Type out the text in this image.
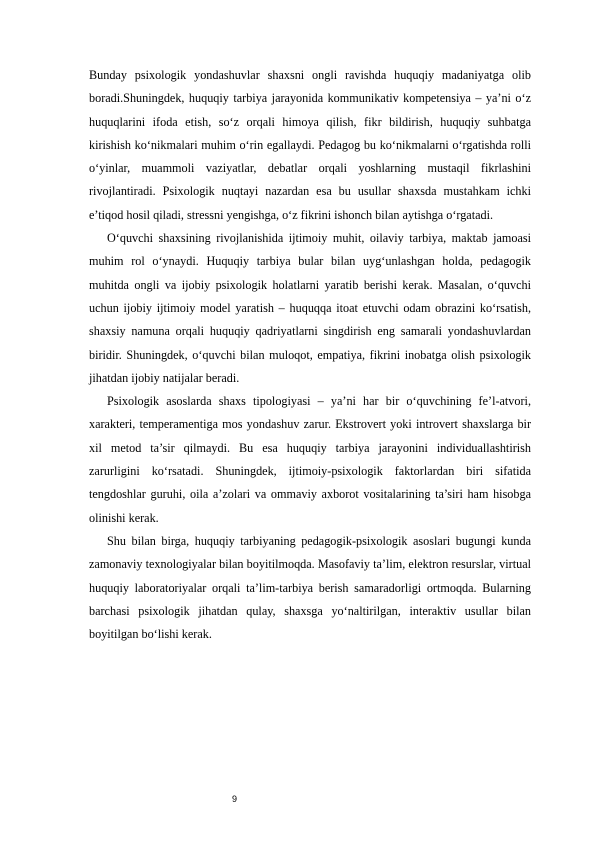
Bunday psixologik yondashuvlar shaxsni ongli ravishda huquqiy madaniyatga olib boradi.Shuningdek, huquqiy tarbiya jarayonida kommunikativ kompetensiya – ya’ni o‘z huquqlarini ifoda etish, so‘z orqali himoya qilish, fikr bildirish, huquqiy suhbatga kirishish ko‘nikmalari muhim o‘rin egallaydi. Pedagog bu ko‘nikmalarni o‘rgatishda rolli o‘yinlar, muammoli vaziyatlar, debatlar orqali yoshlarning mustaqil fikrlashini rivojlantiradi. Psixologik nuqtayi nazardan esa bu usullar shaxsda mustahkam ichki e’tiqod hosil qiladi, stressni yengishga, o‘z fikrini ishonch bilan aytishga o‘rgatadi.

O‘quvchi shaxsining rivojlanishida ijtimoiy muhit, oilaviy tarbiya, maktab jamoasi muhim rol o‘ynaydi. Huquqiy tarbiya bular bilan uyg‘unlashgan holda, pedagogik muhitda ongli va ijobiy psixologik holatlarni yaratib berishi kerak. Masalan, o‘quvchi uchun ijobiy ijtimoiy model yaratish – huquqqa itoat etuvchi odam obrazini ko‘rsatish, shaxsiy namuna orqali huquqiy qadriyatlarni singdirish eng samarali yondashuvlardan biridir. Shuningdek, o‘quvchi bilan muloqot, empatiya, fikrini inobatga olish psixologik jihatdan ijobiy natijalar beradi.

Psixologik asoslarda shaxs tipologiyasi – ya’ni har bir o‘quvchining fe’l-atvori, xarakteri, temperamentiga mos yondashuv zarur. Ekstrovert yoki introvert shaxslarga bir xil metod ta’sir qilmaydi. Bu esa huquqiy tarbiya jarayonini individuallashtirish zarurligini ko‘rsatadi. Shuningdek, ijtimoiy-psixologik faktorlardan biri sifatida tengdoshlar guruhi, oila a’zolari va ommaviy axborot vositalarining ta’siri ham hisobga olinishi kerak.

Shu bilan birga, huquqiy tarbiyaning pedagogik-psixologik asoslari bugungi kunda zamonaviy texnologiyalar bilan boyitilmoqda. Masofaviy ta’lim, elektron resurslar, virtual huquqiy laboratoriyalar orqali ta’lim-tarbiya berish samaradorligi ortmoqda. Bularning barchasi psixologik jihatdan qulay, shaxsga yo‘naltirilgan, interaktiv usullar bilan boyitilgan bo‘lishi kerak.

9
